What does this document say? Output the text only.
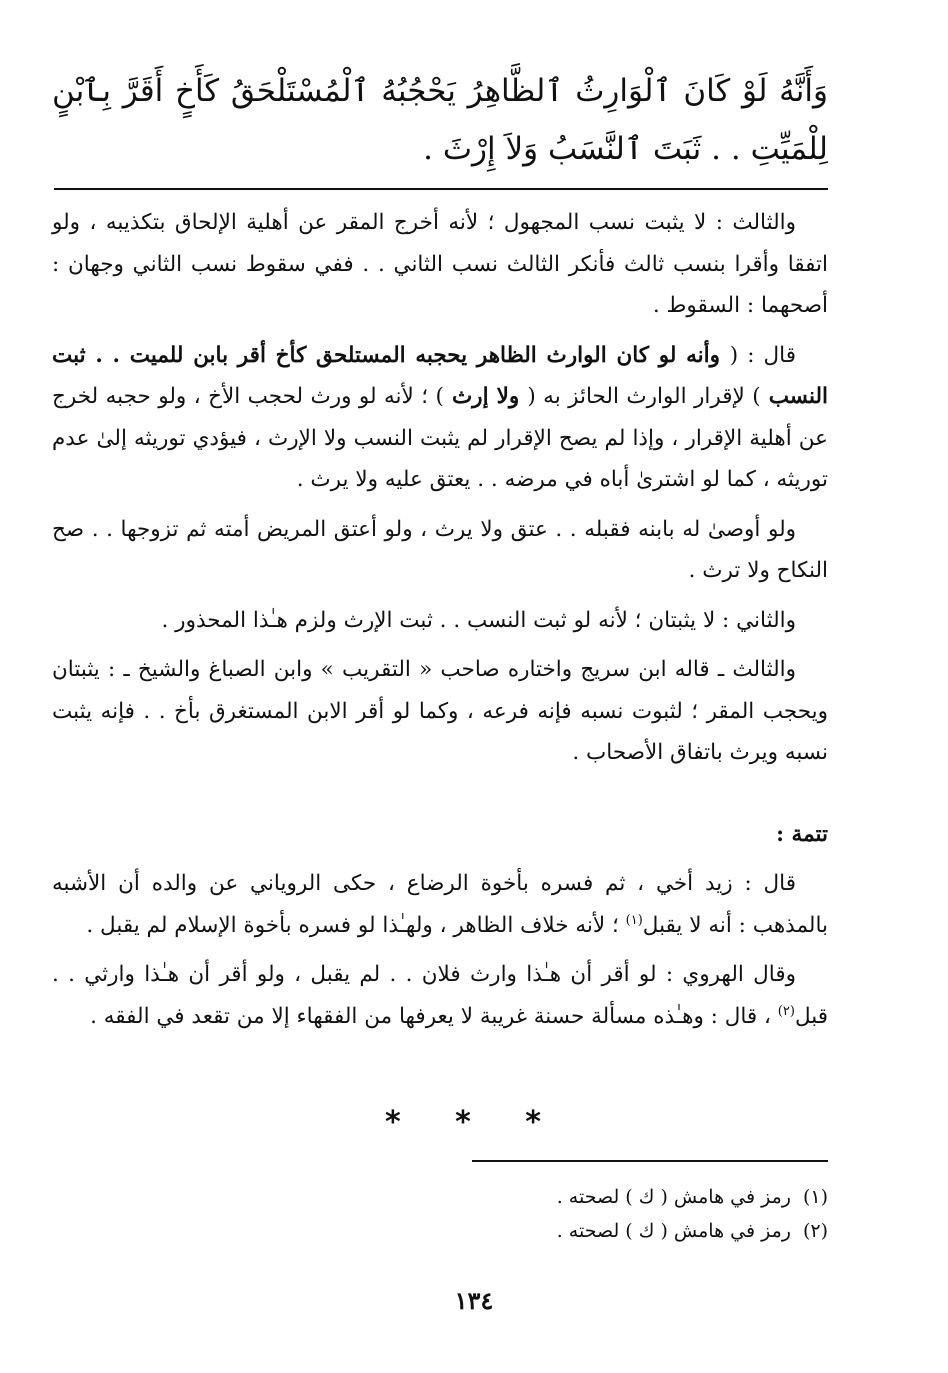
وَأَنَّهُ لَوْ كَانَ ٱلْوَارِثُ ٱلظَّاهِرُ يَحْجُبُهُ ٱلْمُسْتَلْحَقُ كَأَخٍ أَقَرَّ بِٱبْنٍ لِلْمَيِّتِ . . ثَبَتَ ٱلنَّسَبُ وَلاَ إِرْثَ .

والثالث : لا يثبت نسب المجهول ؛ لأنه أخرج المقر عن أهلية الإلحاق بتكذيبه ، ولو اتفقا وأقرا بنسب ثالث فأنكر الثالث نسب الثاني . . ففي سقوط نسب الثاني وجهان : أصحهما : السقوط .

قال : ( وأنه لو كان الوارث الظاهر يحجبه المستلحق كأخ أقر بابن للميت . . ثبت النسب ) لإقرار الوارث الحائز به ( ولا إرث ) ؛ لأنه لو ورث لحجب الأخ ، ولو حجبه لخرج عن أهلية الإقرار ، وإذا لم يصح الإقرار لم يثبت النسب ولا الإرث ، فيؤدي توريثه إلىٰ عدم توريثه ، كما لو اشترىٰ أباه في مرضه . . يعتق عليه ولا يرث .

ولو أوصىٰ له بابنه فقبله . . عتق ولا يرث ، ولو أعتق المريض أمته ثم تزوجها . . صح النكاح ولا ترث .

والثاني : لا يثبتان ؛ لأنه لو ثبت النسب . . ثبت الإرث ولزم هـٰذا المحذور .

والثالث ـ قاله ابن سريج واختاره صاحب « التقريب » وابن الصباغ والشيخ ـ : يثبتان ويحجب المقر ؛ لثبوت نسبه فإنه فرعه ، وكما لو أقر الابن المستغرق بأخ . . فإنه يثبت نسبه ويرث باتفاق الأصحاب .

تتمة :

قال : زيد أخي ، ثم فسره بأخوة الرضاع ، حكى الروياني عن والده أن الأشبه بالمذهب : أنه لا يقبل$^{(١)}$ ؛ لأنه خلاف الظاهر ، ولهـٰذا لو فسره بأخوة الإسلام لم يقبل .

وقال الهروي : لو أقر أن هـٰذا وارث فلان . . لم يقبل ، ولو أقر أن هـٰذا وارثي . . قبل$^{(٢)}$ ، قال : وهـٰذه مسألة حسنة غريبة لا يعرفها من الفقهاء إلا من تقعد في الفقه .

* * *
(١)رمز في هامش ( ك ) لصحته .
(٢)رمز في هامش ( ك ) لصحته .
١٣٤
